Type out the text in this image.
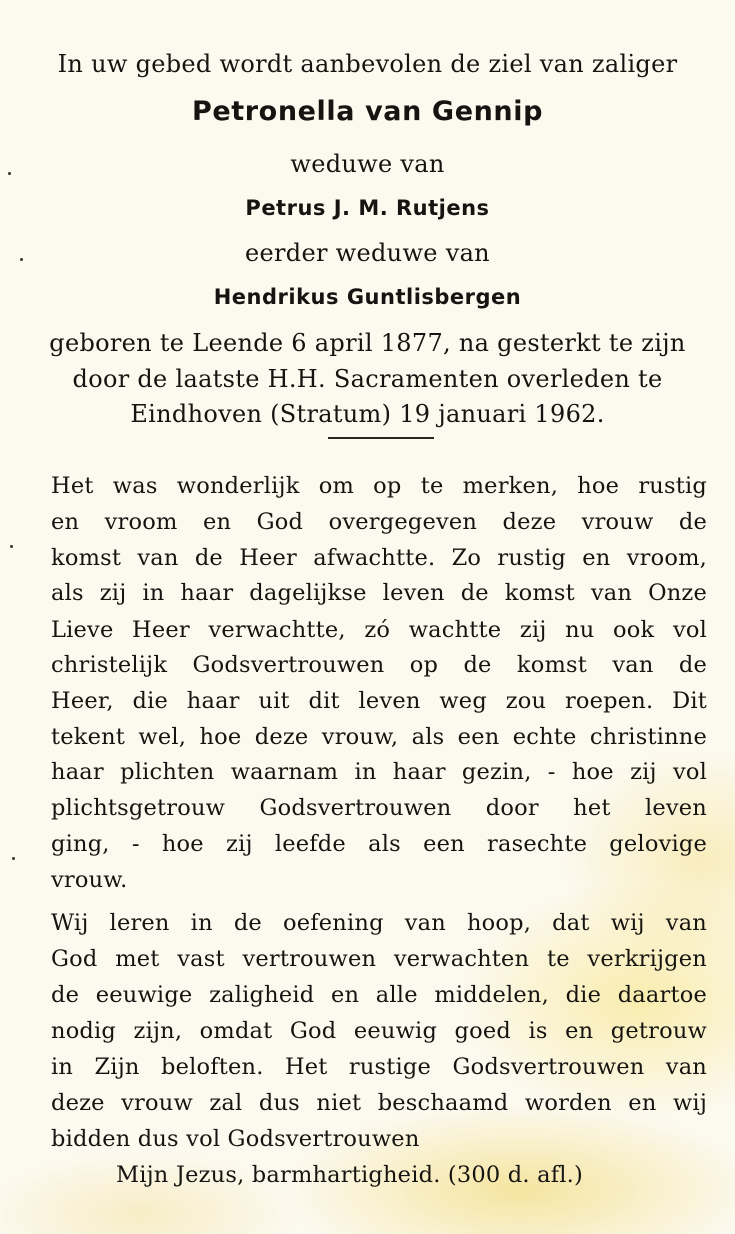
In uw gebed wordt aanbevolen de ziel van zaliger
Petronella van Gennip
weduwe van
Petrus J. M. Rutjens
eerder weduwe van
Hendrikus Guntlisbergen
geboren te Leende 6 april 1877, na gesterkt te zijn
door de laatste H.H. Sacramenten overleden te
Eindhoven (Stratum) 19 januari 1962.
Het was wonderlijk om op te merken, hoe rustig
en vroom en God overgegeven deze vrouw de
komst van de Heer afwachtte. Zo rustig en vroom,
als zij in haar dagelijkse leven de komst van Onze
Lieve Heer verwachtte, zó wachtte zij nu ook vol
christelijk Godsvertrouwen op de komst van de
Heer, die haar uit dit leven weg zou roepen. Dit
tekent wel, hoe deze vrouw, als een echte christinne
haar plichten waarnam in haar gezin, - hoe zij vol
plichtsgetrouw Godsvertrouwen door het leven
ging, - hoe zij leefde als een rasechte gelovige
vrouw.
Wij leren in de oefening van hoop, dat wij van
God met vast vertrouwen verwachten te verkrijgen
de eeuwige zaligheid en alle middelen, die daartoe
nodig zijn, omdat God eeuwig goed is en getrouw
in Zijn beloften. Het rustige Godsvertrouwen van
deze vrouw zal dus niet beschaamd worden en wij
bidden dus vol Godsvertrouwen
Mijn Jezus, barmhartigheid. (300 d. afl.)
